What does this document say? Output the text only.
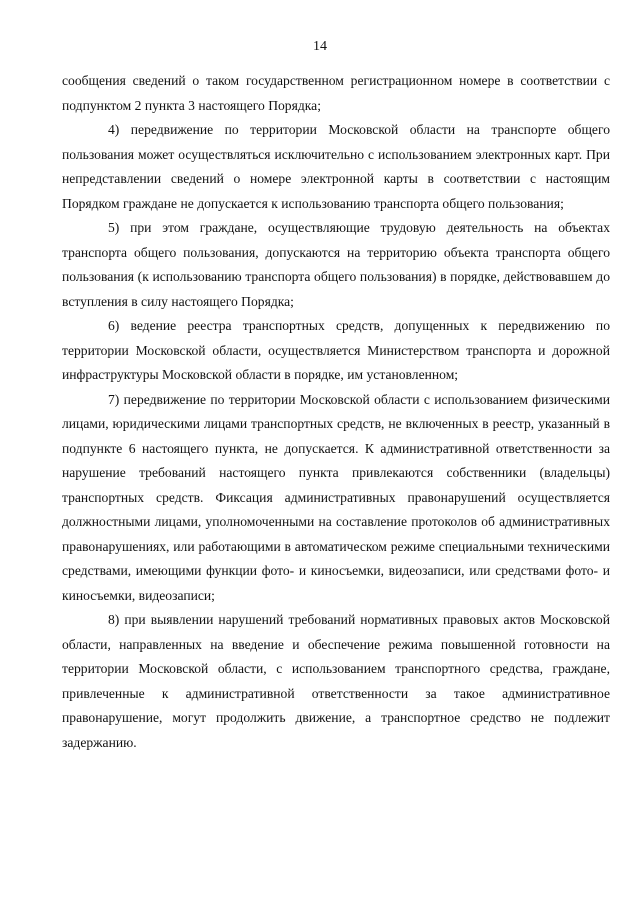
14

сообщения сведений о таком государственном регистрационном номере в соответствии с подпунктом 2 пункта 3 настоящего Порядка;

4) передвижение по территории Московской области на транспорте общего пользования может осуществляться исключительно с использованием электронных карт. При непредставлении сведений о номере электронной карты в соответствии с настоящим Порядком граждане не допускается к использованию транспорта общего пользования;

5) при этом граждане, осуществляющие трудовую деятельность на объектах транспорта общего пользования, допускаются на территорию объекта транспорта общего пользования (к использованию транспорта общего пользования) в порядке, действовавшем до вступления в силу настоящего Порядка;

6) ведение реестра транспортных средств, допущенных к передвижению по территории Московской области, осуществляется Министерством транспорта и дорожной инфраструктуры Московской области в порядке, им установленном;

7) передвижение по территории Московской области с использованием физическими лицами, юридическими лицами транспортных средств, не включенных в реестр, указанный в подпункте 6 настоящего пункта, не допускается. К административной ответственности за нарушение требований настоящего пункта привлекаются собственники (владельцы) транспортных средств. Фиксация административных правонарушений осуществляется должностными лицами, уполномоченными на составление протоколов об административных правонарушениях, или работающими в автоматическом режиме специальными техническими средствами, имеющими функции фото- и киносъемки, видеозаписи, или средствами фото- и киносъемки, видеозаписи;

8) при выявлении нарушений требований нормативных правовых актов Московской области, направленных на введение и обеспечение режима повышенной готовности на территории Московской области, с использованием транспортного средства, граждане, привлеченные к административной ответственности за такое административное правонарушение, могут продолжить движение, а транспортное средство не подлежит задержанию.
